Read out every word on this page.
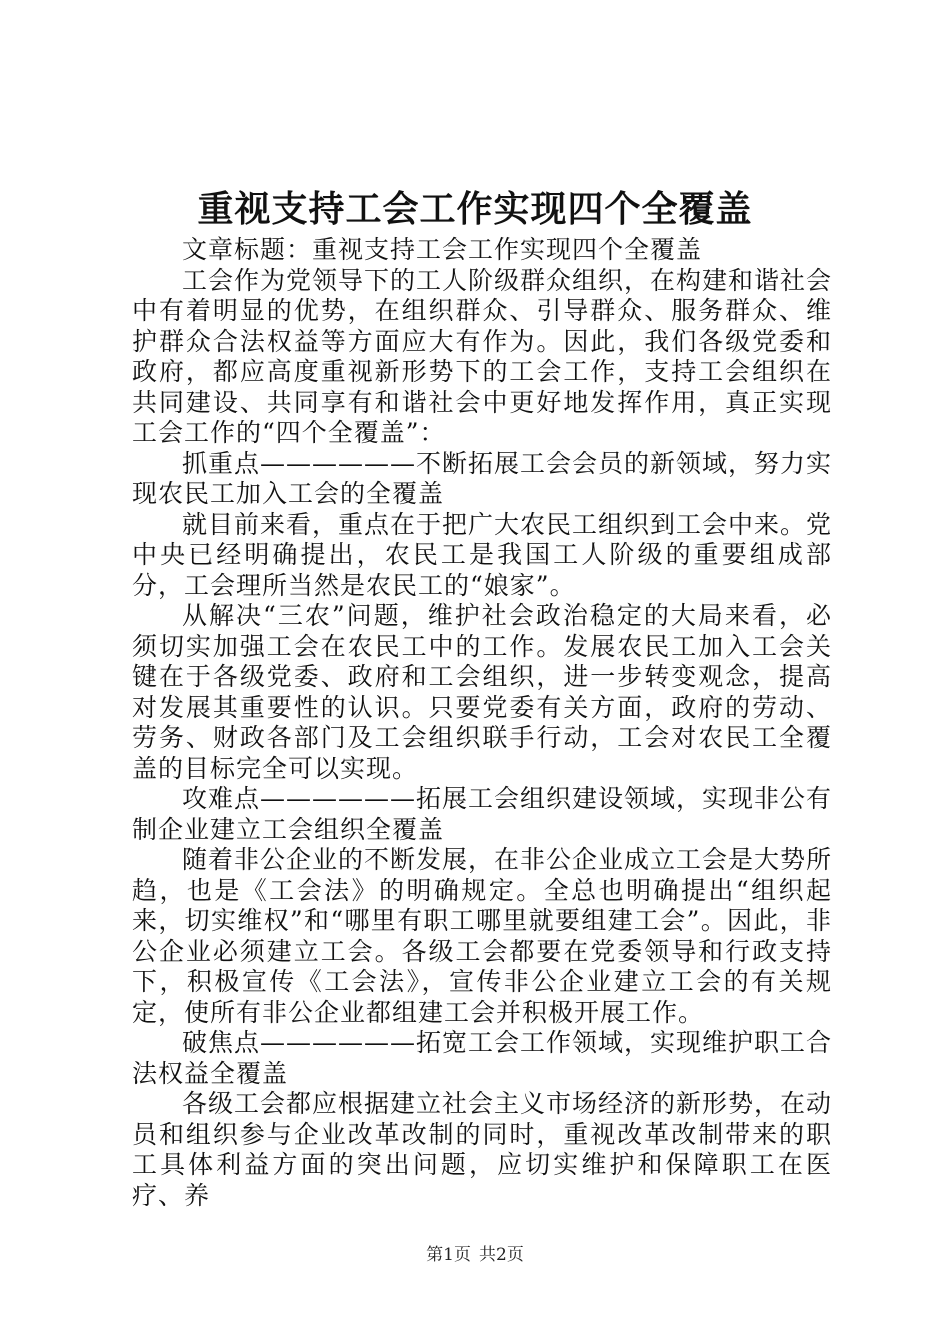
重视支持工会工作实现四个全覆盖

文章标题：重视支持工会工作实现四个全覆盖

工会作为党领导下的工人阶级群众组织，在构建和谐社会中有着明显的优势，在组织群众、引导群众、服务群众、维护群众合法权益等方面应大有作为。因此，我们各级党委和政府，都应高度重视新形势下的工会工作，支持工会组织在共同建设、共同享有和谐社会中更好地发挥作用，真正实现工会工作的“四个全覆盖”：

抓重点——————不断拓展工会会员的新领域，努力实现农民工加入工会的全覆盖

就目前来看，重点在于把广大农民工组织到工会中来。党中央已经明确提出，农民工是我国工人阶级的重要组成部分，工会理所当然是农民工的“娘家”。

从解决“三农”问题，维护社会政治稳定的大局来看，必须切实加强工会在农民工中的工作。发展农民工加入工会关键在于各级党委、政府和工会组织，进一步转变观念，提高对发展其重要性的认识。只要党委有关方面，政府的劳动、劳务、财政各部门及工会组织联手行动，工会对农民工全覆盖的目标完全可以实现。

攻难点——————拓展工会组织建设领域，实现非公有制企业建立工会组织全覆盖

随着非公企业的不断发展，在非公企业成立工会是大势所趋，也是《工会法》的明确规定。全总也明确提出“组织起来，切实维权”和“哪里有职工哪里就要组建工会”。因此，非公企业必须建立工会。各级工会都要在党委领导和行政支持下，积极宣传《工会法》，宣传非公企业建立工会的有关规定，使所有非公企业都组建工会并积极开展工作。

破焦点——————拓宽工会工作领域，实现维护职工合法权益全覆盖

各级工会都应根据建立社会主义市场经济的新形势，在动员和组织参与企业改革改制的同时，重视改革改制带来的职工具体利益方面的突出问题，应切实维护和保障职工在医疗、养

第1页 共2页
